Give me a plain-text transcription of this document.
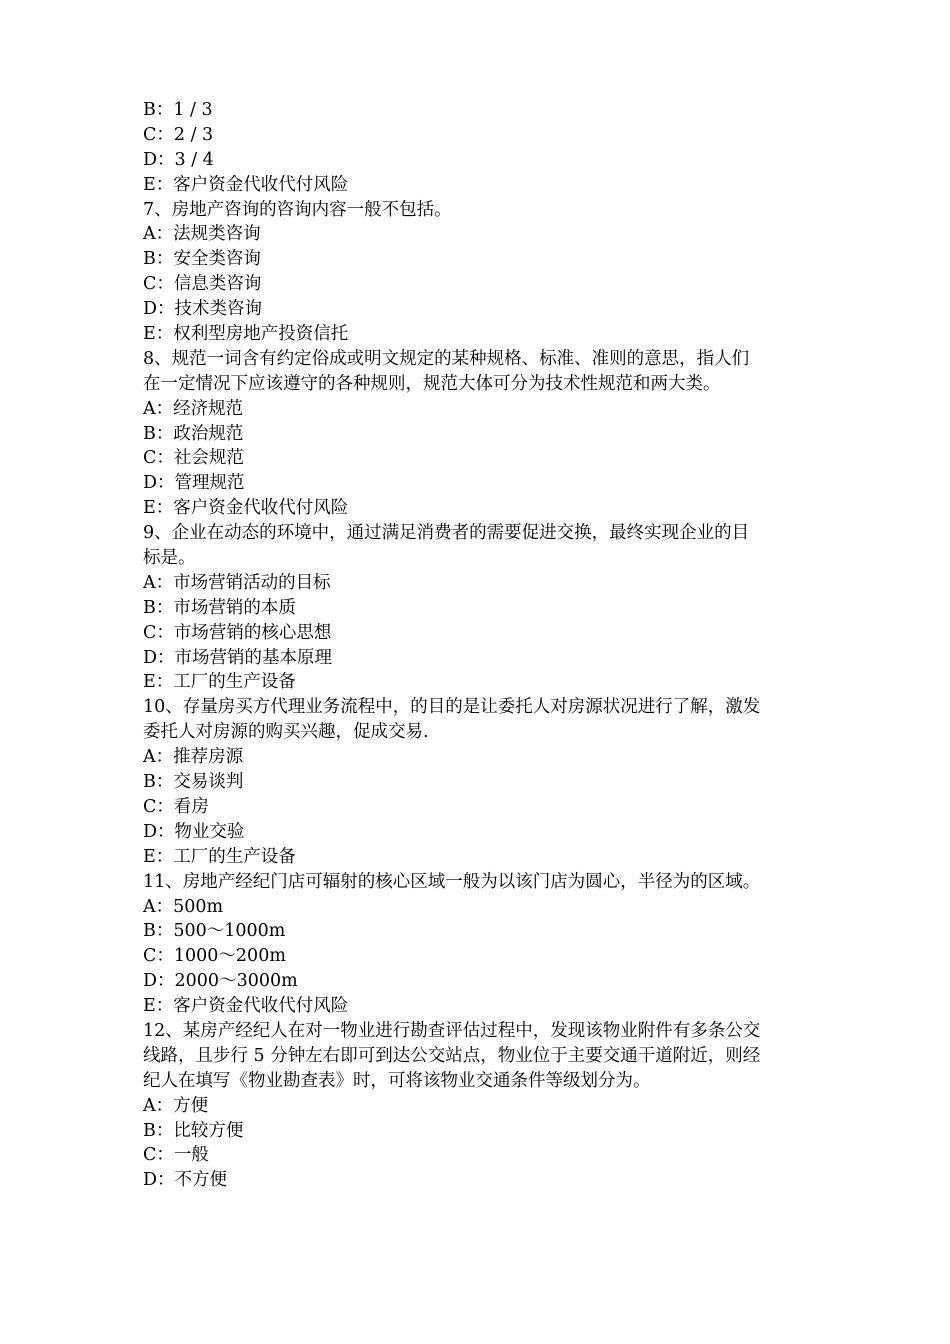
B：1 / 3
C：2 / 3
D：3 / 4
E：客户资金代收代付风险
7、房地产咨询的咨询内容一般不包括。
A：法规类咨询
B：安全类咨询
C：信息类咨询
D：技术类咨询
E：权利型房地产投资信托
8、规范一词含有约定俗成或明文规定的某种规格、标准、准则的意思，指人们
在一定情况下应该遵守的各种规则，规范大体可分为技术性规范和两大类。
A：经济规范
B：政治规范
C：社会规范
D：管理规范
E：客户资金代收代付风险
9、企业在动态的环境中，通过满足消费者的需要促进交换，最终实现企业的目
标是。
A：市场营销活动的目标
B：市场营销的本质
C：市场营销的核心思想
D：市场营销的基本原理
E：工厂的生产设备
10、存量房买方代理业务流程中，的目的是让委托人对房源状况进行了解，激发
委托人对房源的购买兴趣，促成交易.
A：推荐房源
B：交易谈判
C：看房
D：物业交验
E：工厂的生产设备
11、房地产经纪门店可辐射的核心区域一般为以该门店为圆心，半径为的区域。
A：500m
B：500～1000m
C：1000～200m
D：2000～3000m
E：客户资金代收代付风险
12、某房产经纪人在对一物业进行勘查评估过程中，发现该物业附件有多条公交
线路，且步行 5 分钟左右即可到达公交站点，物业位于主要交通干道附近，则经
纪人在填写《物业勘查表》时，可将该物业交通条件等级划分为。
A：方便
B：比较方便
C：一般
D：不方便
